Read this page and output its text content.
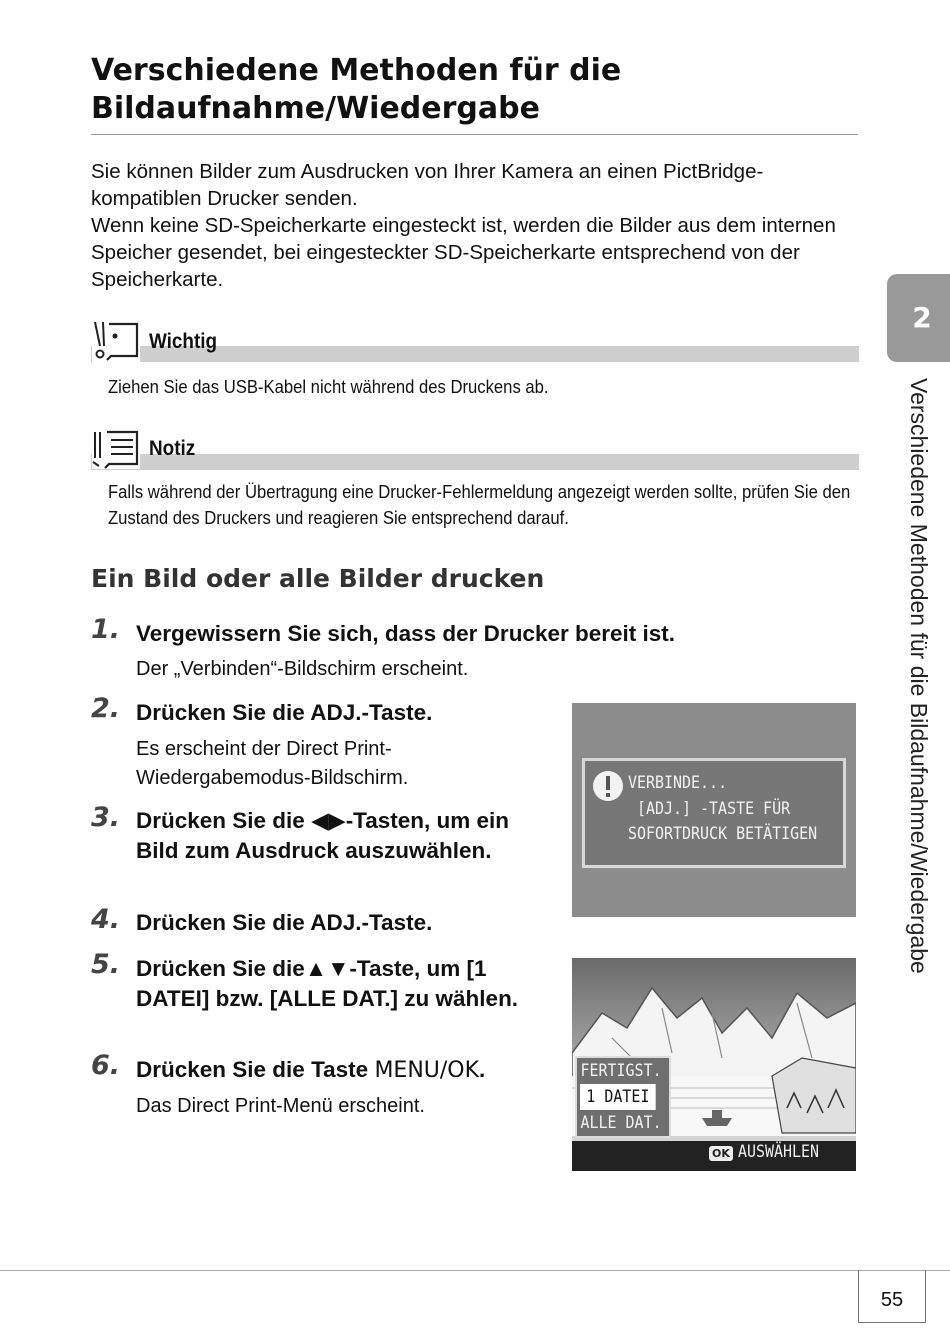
Verschiedene Methoden für die Bildaufnahme/Wiedergabe

Sie können Bilder zum Ausdrucken von Ihrer Kamera an einen PictBridge-kompatiblen Drucker senden.

Wenn keine SD-Speicherkarte eingesteckt ist, werden die Bilder aus dem internen Speicher gesendet, bei eingesteckter SD-Speicherkarte entsprechend von der Speicherkarte.

Wichtig

Ziehen Sie das USB-Kabel nicht während des Druckens ab.

Notiz

Falls während der Übertragung eine Drucker-Fehlermeldung angezeigt werden sollte, prüfen Sie den Zustand des Druckers und reagieren Sie entsprechend darauf.

Ein Bild oder alle Bilder drucken
1. Vergewissern Sie sich, dass der Drucker bereit ist.

Der „Verbinden“-Bildschirm erscheint.

2. Drücken Sie die ADJ.-Taste.

Es erscheint der Direct Print-Wiedergabemodus-Bildschirm.

3. Drücken Sie die ◀▶-Tasten, um ein Bild zum Ausdruck auszuwählen.

4. Drücken Sie die ADJ.-Taste.

5. Drücken Sie die▲▼-Taste, um [1 DATEI] bzw. [ALLE DAT.] zu wählen.

6. Drücken Sie die Taste MENU/OK.

Das Direct Print-Menü erscheint.

VERBINDE...
[ADJ.] -TASTE FÜR
SOFORTDRUCK BETÄTIGEN
FERTIGST.
1 DATEI
ALLE DAT.
OK AUSWÄHLEN
2
Verschiedene Methoden für die Bildaufnahme/Wiedergabe
55
